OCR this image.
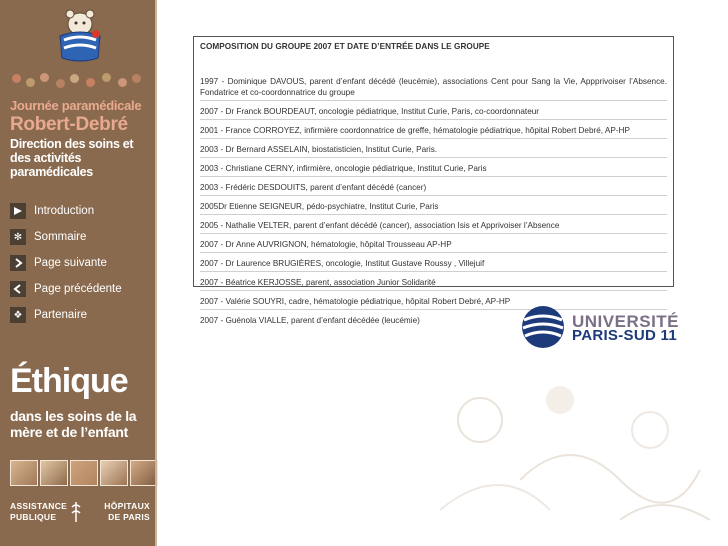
Journée paramédicale
Robert-Debré
Direction des soins et des activités paramédicales
Introduction
✻	Sommaire
Page suivante
Page précédente
❖	Partenaire
Éthique
dans les soins de la mère et de l’enfant
ASSISTANCE PUBLIQUE
HÔPITAUX DE PARIS
COMPOSITION DU GROUPE 2007 ET DATE D’ENTRÉE DANS LE GROUPE
1997 - Dominique DAVOUS, parent d’enfant décédé (leucémie), associations Cent pour Sang la Vie, Appprivoiser l’Absence. Fondatrice et co-coordonnatrice du groupe
2007 - Dr Franck BOURDEAUT, oncologie pédiatrique, Institut Curie, Paris, co-coordonnateur
2001 - France CORROYEZ, infirmière coordonnatrice de greffe, hématologie pédiatrique, hôpital Robert Debré, AP-HP
2003 - Dr Bernard ASSELAIN, biostatisticien, Institut Curie, Paris.
2003 - Christiane CERNY, infirmière, oncologie pédiatrique, Institut Curie, Paris
2003 - Frédéric DESDOUITS, parent d’enfant décédé (cancer)
2005Dr Etienne SEIGNEUR, pédo-psychiatre, Institut Curie, Paris
2005 - Nathalie VELTER, parent d’enfant décédé (cancer), association Isis et Apprivoiser l’Absence
2007 - Dr Anne AUVRIGNON, hématologie, hôpital Trousseau AP-HP
2007 - Dr Laurence BRUGIÈRES, oncologie, Institut Gustave Roussy , Villejuif
2007 - Béatrice KERJOSSE, parent, association Junior Solidarité
2007 - Valérie SOUYRI, cadre, hématologie pédiatrique, hôpital Robert Debré, AP-HP
2007 - Guénola VIALLE, parent d’enfant décédée (leucémie)	UNIVERSITÉ
PARIS-SUD 11
